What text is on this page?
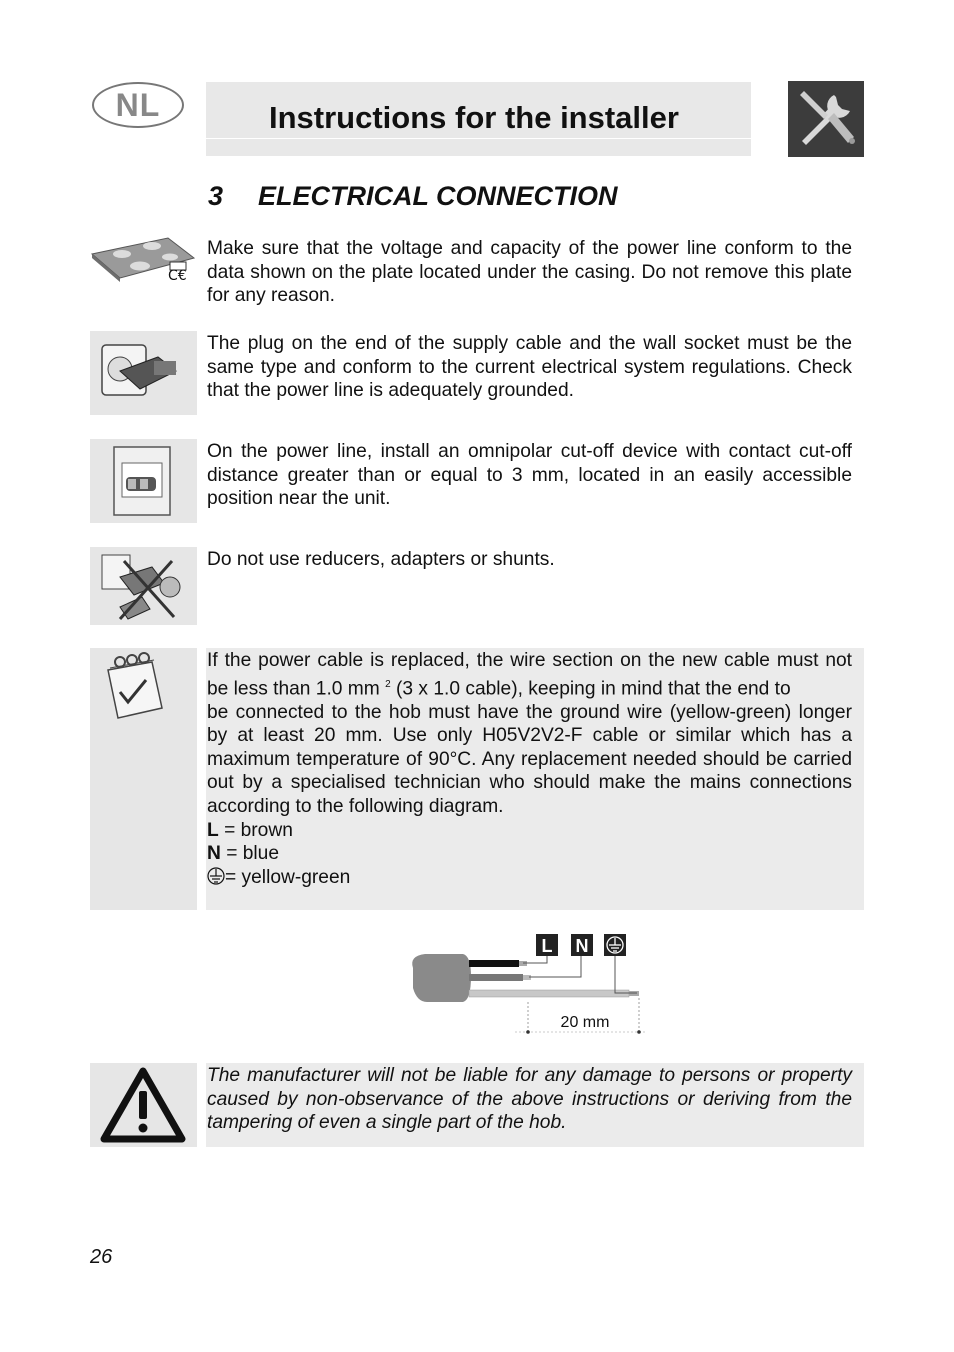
NL	Instructions for the installer
3 ELECTRICAL CONNECTION
C€
Make sure that the voltage and capacity of the power line conform to the data shown on the plate located under the casing. Do not remove this plate for any reason.
The plug on the end of the supply cable and the wall socket must be the same type and conform to the current electrical system regulations. Check that the power line is adequately grounded.
On the power line, install an omnipolar cut-off device with contact cut-off distance greater than or equal to 3 mm, located in an easily accessible position near the unit.
Do not use reducers, adapters or shunts.
If the power cable is replaced, the wire section on the new cable must not be less than 1.0 mm $^2$ (3 x 1.0 cable), keeping in mind that the end to
be connected to the hob must have the ground wire (yellow-green) longer by at least 20 mm. Use only H05V2V2-F cable or similar which has a maximum temperature of 90°C. Any replacement needed should be carried out by a specialised technician who should make the mains connections according to the following diagram.

L = brown
N = blue
= yellow-green
L N
20 mm
The manufacturer will not be liable for any damage to persons or property caused by non-observance of the above instructions or deriving from the tampering of even a single part of the hob.
26
